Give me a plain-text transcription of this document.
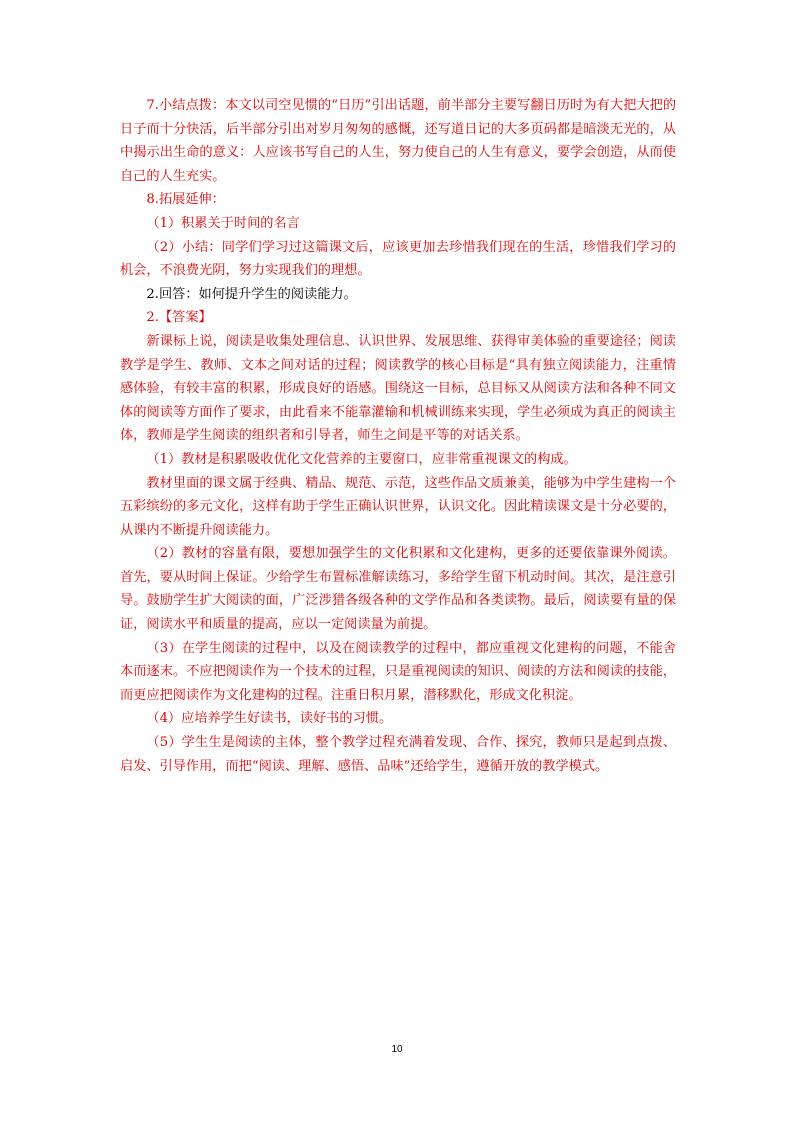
7.小结点拨：本文以司空见惯的“日历”引出话题，前半部分主要写翻日历时为有大把大把的日子而十分快活，后半部分引出对岁月匆匆的感慨，还写道日记的大多页码都是暗淡无光的，从中揭示出生命的意义：人应该书写自己的人生，努力使自己的人生有意义，要学会创造，从而使自己的人生充实。

8.拓展延伸：

（1）积累关于时间的名言

（2）小结：同学们学习过这篇课文后，应该更加去珍惜我们现在的生活，珍惜我们学习的机会，不浪费光阴，努力实现我们的理想。

2.回答：如何提升学生的阅读能力。

2.【答案】

新课标上说，阅读是收集处理信息、认识世界、发展思维、获得审美体验的重要途径；阅读教学是学生、教师、文本之间对话的过程；阅读教学的核心目标是“具有独立阅读能力，注重情感体验，有较丰富的积累，形成良好的语感。围绕这一目标，总目标又从阅读方法和各种不同文体的阅读等方面作了要求，由此看来不能靠灌输和机械训练来实现，学生必须成为真正的阅读主体，教师是学生阅读的组织者和引导者，师生之间是平等的对话关系。

（1）教材是积累吸收优化文化营养的主要窗口，应非常重视课文的构成。

教材里面的课文属于经典、精品、规范、示范，这些作品文质兼美，能够为中学生建构一个五彩缤纷的多元文化，这样有助于学生正确认识世界，认识文化。因此精读课文是十分必要的，从课内不断提升阅读能力。

（2）教材的容量有限，要想加强学生的文化积累和文化建构，更多的还要依靠课外阅读。首先，要从时间上保证。少给学生布置标准解读练习，多给学生留下机动时间。其次，是注意引导。鼓励学生扩大阅读的面，广泛涉猎各级各种的文学作品和各类读物。最后，阅读要有量的保证，阅读水平和质量的提高，应以一定阅读量为前提。

（3）在学生阅读的过程中，以及在阅读教学的过程中，都应重视文化建构的问题，不能舍本而逐末。不应把阅读作为一个技术的过程，只是重视阅读的知识、阅读的方法和阅读的技能，而更应把阅读作为文化建构的过程。注重日积月累，潜移默化，形成文化积淀。

（4）应培养学生好读书，读好书的习惯。

（5）学生生是阅读的主体，整个教学过程充满着发现、合作、探究，教师只是起到点拨、启发、引导作用，而把“阅读、理解、感悟、品味”还给学生，遵循开放的教学模式。

10
